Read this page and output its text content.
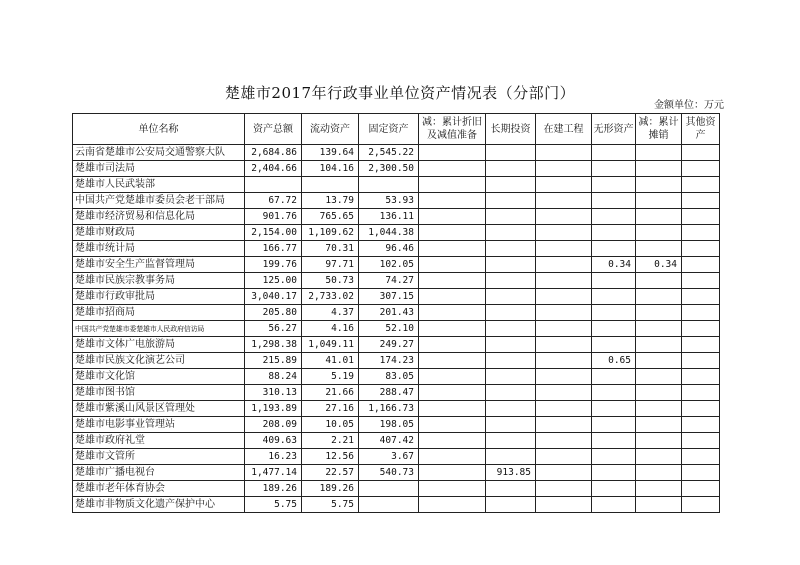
楚雄市2017年行政事业单位资产情况表（分部门）
金额单位：万元
单位名称	资产总额	流动资产	固定资产	减：累计折旧及减值准备	长期投资	在建工程	无形资产	减：累计摊销	其他资产
云南省楚雄市公安局交通警察大队	2,684.86	139.64	2,545.22						
楚雄市司法局	2,404.66	104.16	2,300.50						
楚雄市人民武装部									
中国共产党楚雄市委员会老干部局	67.72	13.79	53.93						
楚雄市经济贸易和信息化局	901.76	765.65	136.11						
楚雄市财政局	2,154.00	1,109.62	1,044.38						
楚雄市统计局	166.77	70.31	96.46						
楚雄市安全生产监督管理局	199.76	97.71	102.05				0.34	0.34	
楚雄市民族宗教事务局	125.00	50.73	74.27						
楚雄市行政审批局	3,040.17	2,733.02	307.15						
楚雄市招商局	205.80	4.37	201.43						
中国共产党楚雄市委楚雄市人民政府信访局	56.27	4.16	52.10						
楚雄市文体广电旅游局	1,298.38	1,049.11	249.27						
楚雄市民族文化演艺公司	215.89	41.01	174.23				0.65		
楚雄市文化馆	88.24	5.19	83.05						
楚雄市图书馆	310.13	21.66	288.47						
楚雄市紫溪山风景区管理处	1,193.89	27.16	1,166.73						
楚雄市电影事业管理站	208.09	10.05	198.05						
楚雄市政府礼堂	409.63	2.21	407.42						
楚雄市文管所	16.23	12.56	3.67						
楚雄市广播电视台	1,477.14	22.57	540.73		913.85				
楚雄市老年体育协会	189.26	189.26							
楚雄市非物质文化遗产保护中心	5.75	5.75							
